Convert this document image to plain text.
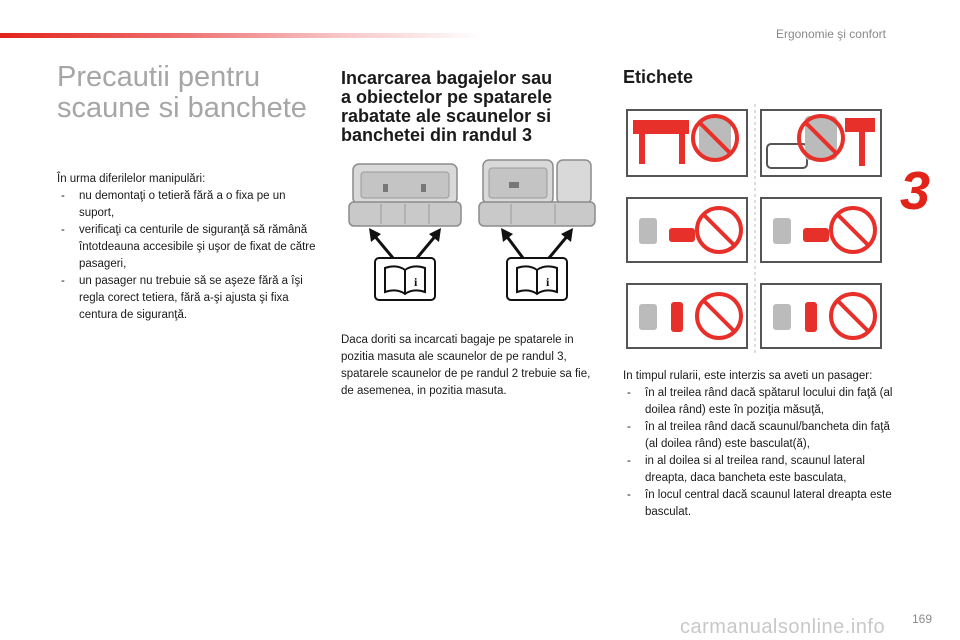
Ergonomie şi confort
3
Precautii pentru
scaune si banchete

În urma diferilelor manipulări:

- nu demontaţi o tetieră fără a o fixa pe un suport,
- verificaţi ca centurile de siguranţă să rămână întotdeauna accesibile şi uşor de fixat de către pasageri,
- un pasager nu trebuie să se aşeze fără a îşi regla corect tetiera, fără a-şi ajusta şi fixa centura de siguranţă.
Incarcarea bagajelor sau
a obiectelor pe spatarele
rabatate ale scaunelor si
banchetei din randul 3
i	i
Daca doriti sa incarcati bagaje pe spatarele in pozitia masuta ale scaunelor de pe randul 3, spatarele scaunelor de pe randul 2 trebuie sa fie, de asemenea, in pozitia masuta.
Etichete

In timpul rularii, este interzis sa aveti un pasager:

- în al treilea rând dacă spătarul locului din faţă (al doilea rând) este în poziţia măsuţă,
- în al treilea rând dacă scaunul/bancheta din faţă (al doilea rând) este basculat(ă),
- in al doilea si al treilea rand, scaunul lateral dreapta, daca bancheta este basculata,
- în locul central dacă scaunul lateral dreapta este basculat.
carmanualsonline.info 169
